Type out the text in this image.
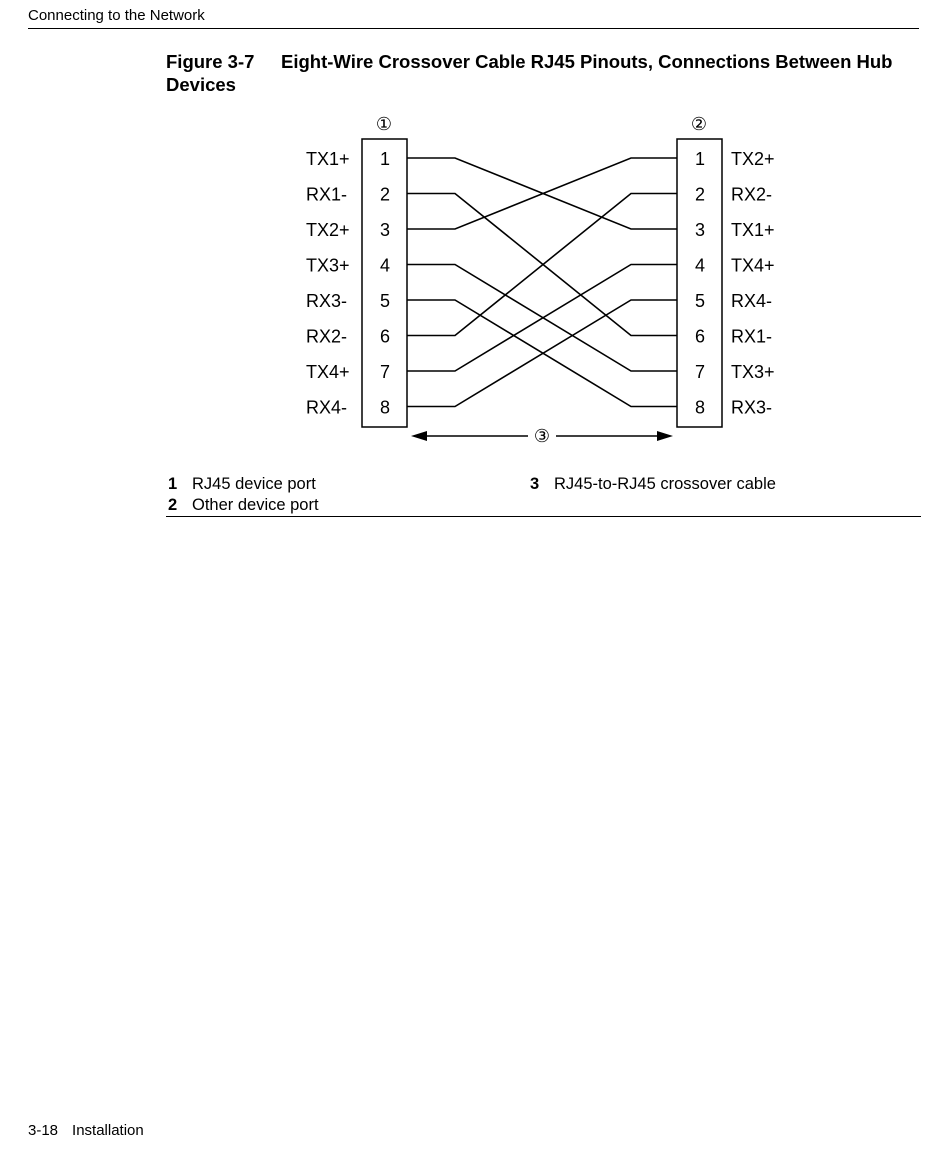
Connecting to the Network
Figure 3-7 Eight-Wire Crossover Cable RJ45 Pinouts, Connections Between Hub Devices
①	②
1
TX1+
2
RX1-
3
TX2+
4
TX3+
5
RX3-
6
RX2-
7
TX4+
8
RX4-
1 TX2+
2 RX2-
3 TX1+
4 TX4+
5 RX4-
6 RX1-
7 TX3+
8 RX3-
③
1 RJ45 device port
2 Other device port
3 RJ45-to-RJ45 crossover cable
3-18 Installation
